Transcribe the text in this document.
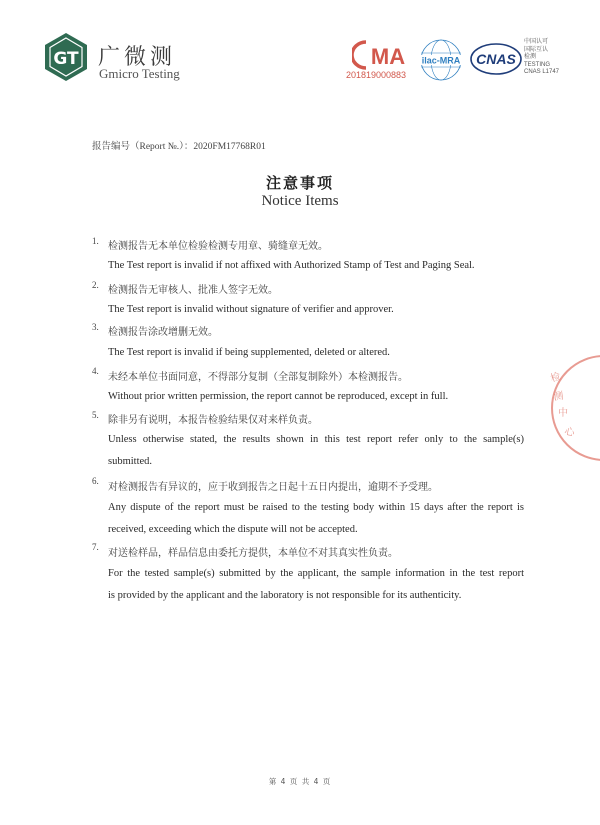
GT 广微测
Gmicro Testing
MA
201819000883
ilac-MRA CNAS
中国认可
国际互认
检测
TESTING
CNAS L1747
报告编号（Report №.）：2020FM17768R01
注意事项
Notice Items
1. 检测报告无本单位检验检测专用章、骑缝章无效。
The Test report is invalid if not affixed with Authorized Stamp of Test and Paging Seal.
2. 检测报告无审核人、批准人签字无效。
The Test report is invalid without signature of verifier and approver.
3. 检测报告涂改增删无效。
The Test report is invalid if being supplemented, deleted or altered.
4.
未经本单位书面同意，不得部分复制（全部复制除外）本检测报告。
Without prior written permission, the report cannot be reproduced, except in full.
5. 除非另有说明，本报告检验结果仅对来样负责。
Unless otherwise stated, the results shown in this test report refer only to the sample(s)
submitted.
6.
对检测报告有异议的，应于收到报告之日起十五日内提出，逾期不予受理。
Any dispute of the report must be raised to the testing body within 15 days after the report is
received, exceeding which the dispute will not be accepted.
7.
对送检样品，样品信息由委托方提供，本单位不对其真实性负责。
For the tested sample(s) submitted by the applicant, the sample information in the test report
is provided by the applicant and the laboratory is not responsible for its authenticity.
检
测
中
心
第 4 页 共 4 页
